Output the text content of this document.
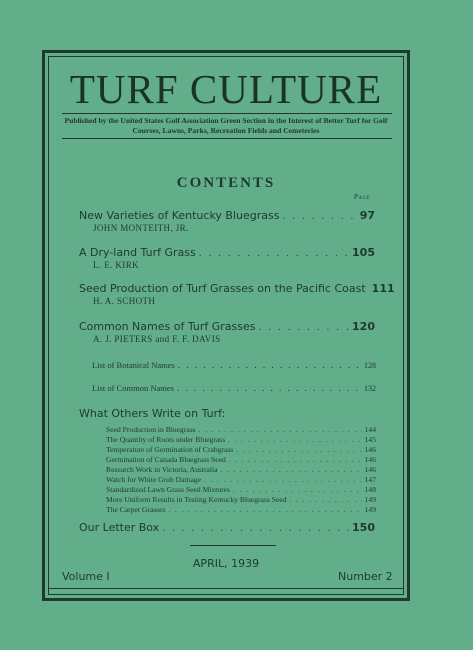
TURF CULTURE
Published by the United States Golf Association Green Section in the Interest of Better Turf for Golf Courses, Lawns, Parks, Recreation Fields and Cemeteries
CONTENTS
Page
New Varieties of Kentucky Bluegrass . . .	97
JOHN MONTEITH, JR.
A Dry-land Turf Grass . . .	105
L. E. KIRK
Seed Production of Turf Grasses on the Pacific Coast 111
H. A. SCHOTH
Common Names of Turf Grasses . . .	120
A. J. PIETERS and F. F. DAVIS
List of Botanical Names . . .	128
List of Common Names . . .	132
What Others Write on Turf:
Seed Production in Bluegrass . . .	144
The Quantity of Roots under Bluegrass . . .	145
Temperature of Germination of Crabgrass . . .	146
Germination of Canada Bluegrass Seed . . .	146
Research Work in Victoria, Australia . . .	146
Watch for White Grub Damage . . .	147
Standardized Lawn Grass Seed Mixtures . . .	148
More Uniform Results in Testing Kentucky Bluegrass Seed . . .	149
The Carpet Grasses . . .	149
Our Letter Box . . .	150
APRIL, 1939
Volume I	Number 2
